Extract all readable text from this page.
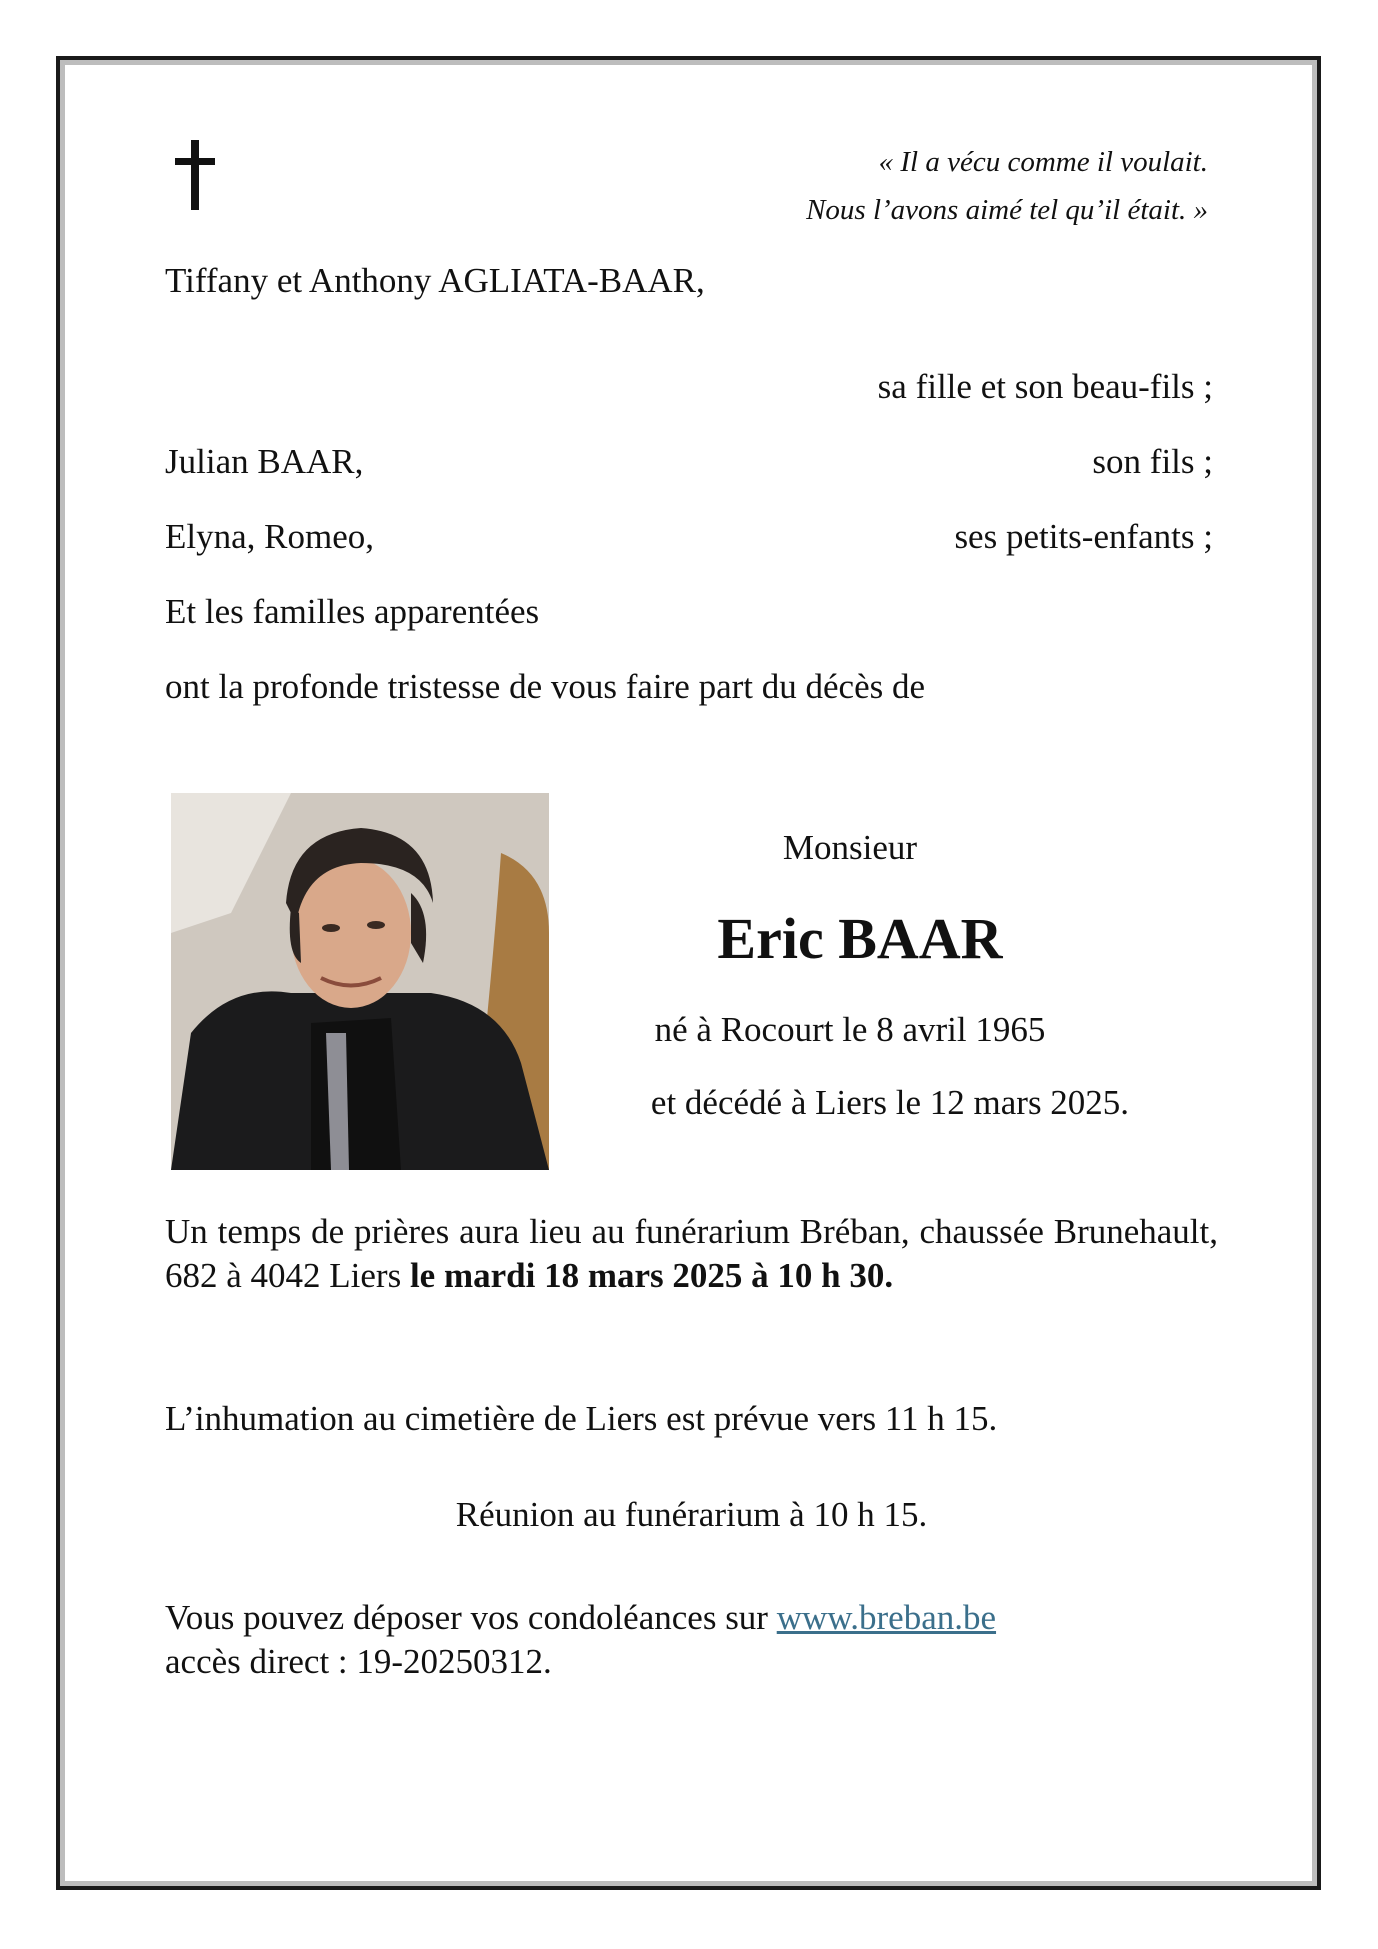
« Il a vécu comme il voulait.
Nous l’avons aimé tel qu’il était. »
Tiffany et Anthony AGLIATA-BAAR,
sa fille et son beau-fils ;
Julian BAAR,	son fils ;
Elyna, Romeo,	ses petits-enfants ;
Et les familles apparentées
ont la profonde tristesse de vous faire part du décès de
Monsieur
Eric BAAR
né à Rocourt le 8 avril 1965
et décédé à Liers le 12 mars 2025.
Un temps de prières aura lieu au funérarium Bréban, chaussée Brunehault, 682 à 4042 Liers le mardi 18 mars 2025 à 10 h 30.
L’inhumation au cimetière de Liers est prévue vers 11 h 15.
Réunion au funérarium à 10 h 15.
Vous pouvez déposer vos condoléances sur www.breban.be
accès direct : 19-20250312.
